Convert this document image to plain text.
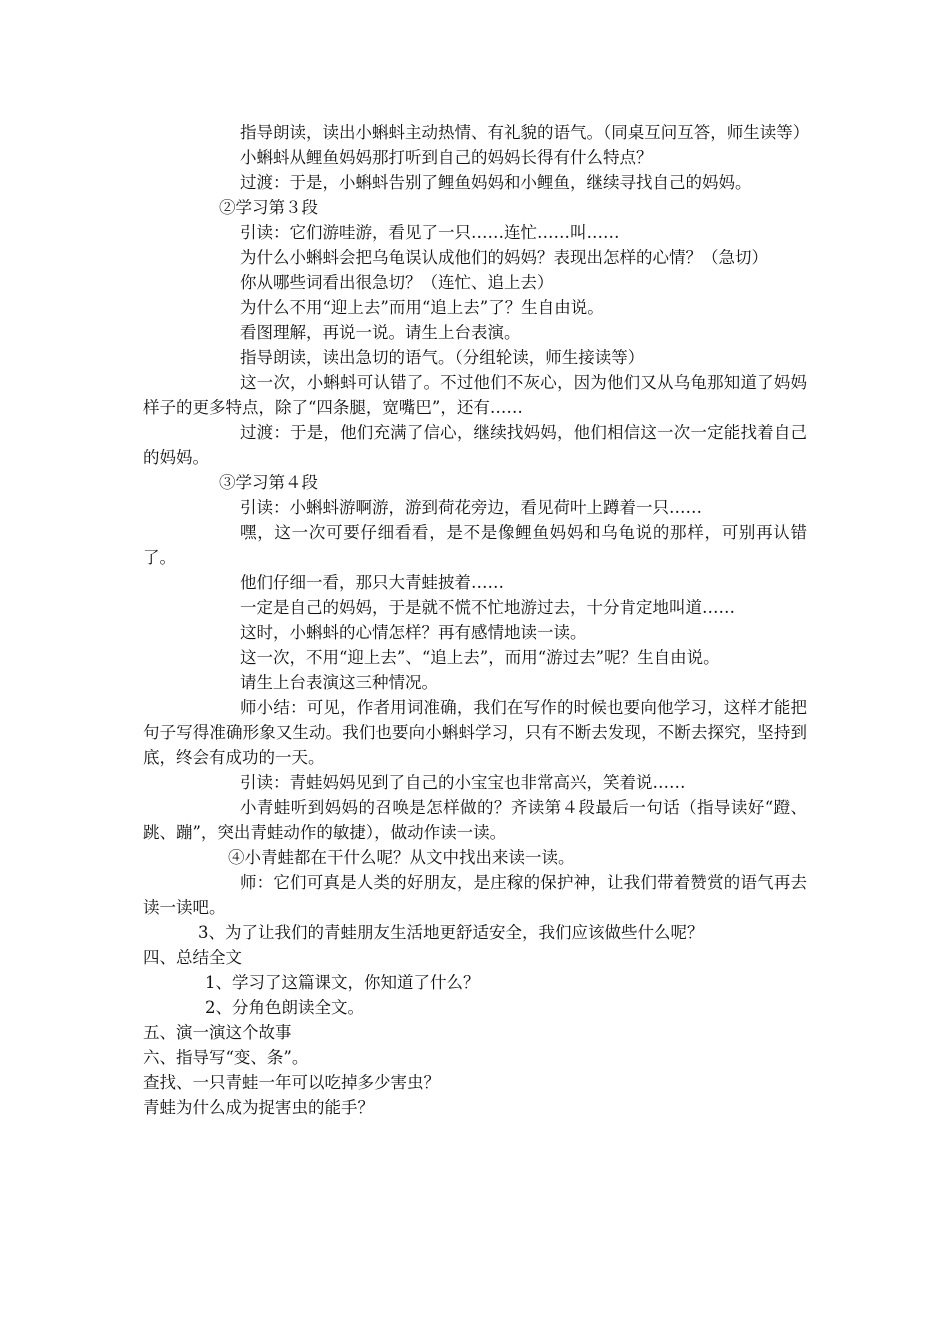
指导朗读，读出小蝌蚪主动热情、有礼貌的语气。（同桌互问互答，师生读等）

小蝌蚪从鲤鱼妈妈那打听到自己的妈妈长得有什么特点？

过渡：于是，小蝌蚪告别了鲤鱼妈妈和小鲤鱼，继续寻找自己的妈妈。

②学习第３段

引读：它们游哇游，看见了一只……连忙……叫……

为什么小蝌蚪会把乌龟误认成他们的妈妈？表现出怎样的心情？（急切）

你从哪些词看出很急切？（连忙、追上去）

为什么不用“迎上去”而用“追上去”了？生自由说。

看图理解，再说一说。请生上台表演。

指导朗读，读出急切的语气。（分组轮读，师生接读等）

这一次，小蝌蚪可认错了。不过他们不灰心，因为他们又从乌龟那知道了妈妈样子的更多特点，除了“四条腿，宽嘴巴”，还有……

过渡：于是，他们充满了信心，继续找妈妈，他们相信这一次一定能找着自己的妈妈。

③学习第４段

引读：小蝌蚪游啊游，游到荷花旁边，看见荷叶上蹲着一只……

嘿，这一次可要仔细看看，是不是像鲤鱼妈妈和乌龟说的那样，可别再认错了。

他们仔细一看，那只大青蛙披着……

一定是自己的妈妈，于是就不慌不忙地游过去，十分肯定地叫道……

这时，小蝌蚪的心情怎样？再有感情地读一读。

这一次，不用“迎上去”、“追上去”，而用“游过去”呢？生自由说。

请生上台表演这三种情况。

师小结：可见，作者用词准确，我们在写作的时候也要向他学习，这样才能把句子写得准确形象又生动。我们也要向小蝌蚪学习，只有不断去发现，不断去探究，坚持到底，终会有成功的一天。

引读：青蛙妈妈见到了自己的小宝宝也非常高兴，笑着说……

小青蛙听到妈妈的召唤是怎样做的？齐读第４段最后一句话（指导读好“蹬、跳、蹦”，突出青蛙动作的敏捷），做动作读一读。

④小青蛙都在干什么呢？从文中找出来读一读。

师：它们可真是人类的好朋友，是庄稼的保护神，让我们带着赞赏的语气再去读一读吧。

3、为了让我们的青蛙朋友生活地更舒适安全，我们应该做些什么呢？

四、总结全文

1、学习了这篇课文，你知道了什么？

2、分角色朗读全文。

五、演一演这个故事

六、指导写“变、条”。

查找、一只青蛙一年可以吃掉多少害虫？

青蛙为什么成为捉害虫的能手？
